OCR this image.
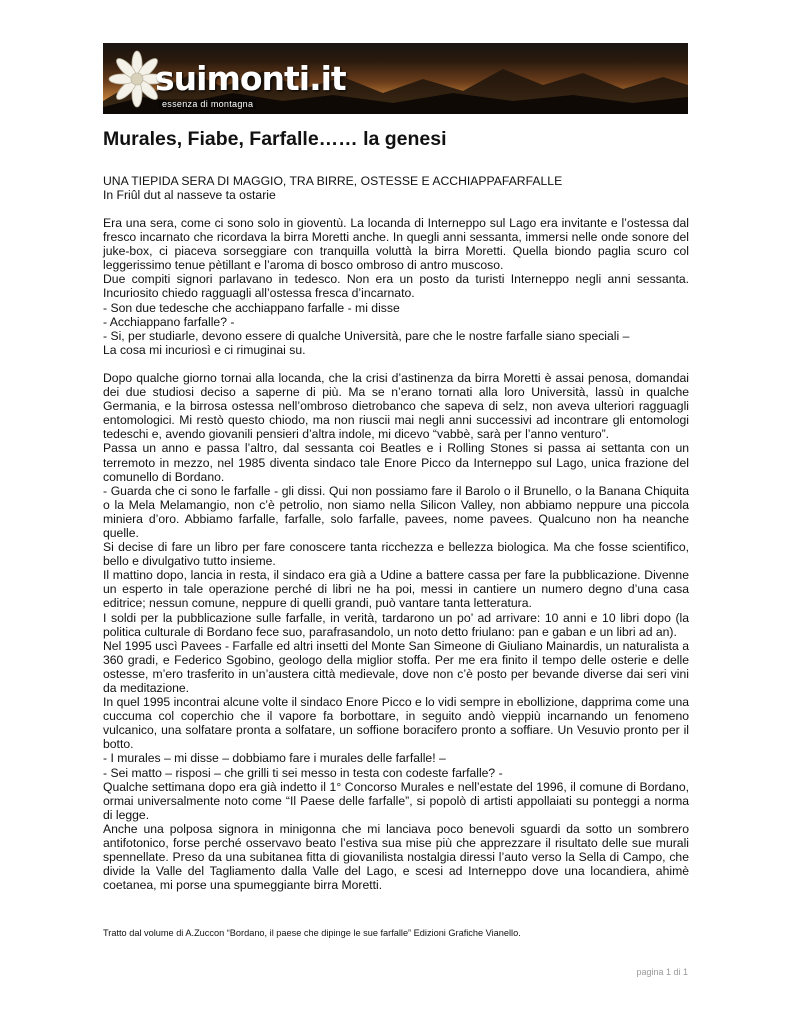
suimonti.it
essenza di montagna
Murales, Fiabe, Farfalle…… la genesi
UNA TIEPIDA SERA DI MAGGIO, TRA BIRRE, OSTESSE E ACCHIAPPAFARFALLE
In Friûl dut al nasseve ta ostarie

Era una sera, come ci sono solo in gioventù. La locanda di Interneppo sul Lago era invitante e l’ostessa dal fresco incarnato che ricordava la birra Moretti anche. In quegli anni sessanta, immersi nelle onde sonore del juke-box, ci piaceva sorseggiare con tranquilla voluttà la birra Moretti. Quella biondo paglia scuro col leggerissimo tenue pètillant e l’aroma di bosco ombroso di antro muscoso.

Due compiti signori parlavano in tedesco. Non era un posto da turisti Interneppo negli anni sessanta. Incuriosito chiedo ragguagli all’ostessa fresca d’incarnato.

- Son due tedesche che acchiappano farfalle - mi disse

- Acchiappano farfalle? -

- Si, per studiarle, devono essere di qualche Università, pare che le nostre farfalle siano speciali –

La cosa mi incuriosì e ci rimuginai su.

Dopo qualche giorno tornai alla locanda, che la crisi d’astinenza da birra Moretti è assai penosa, domandai dei due studiosi deciso a saperne di più. Ma se n’erano tornati alla loro Università, lassù in qualche Germania, e la birrosa ostessa nell’ombroso dietrobanco che sapeva di selz, non aveva ulteriori ragguagli entomologici. Mi restò questo chiodo, ma non riuscii mai negli anni successivi ad incontrare gli entomologi tedeschi e, avendo giovanili pensieri d’altra indole, mi dicevo “vabbè, sarà per l’anno venturo”.

Passa un anno e passa l’altro, dal sessanta coi Beatles e i Rolling Stones si passa ai settanta con un terremoto in mezzo, nel 1985 diventa sindaco tale Enore Picco da Interneppo sul Lago, unica frazione del comunello di Bordano.

- Guarda che ci sono le farfalle - gli dissi. Qui non possiamo fare il Barolo o il Brunello, o la Banana Chiquita o la Mela Melamangio, non c’è petrolio, non siamo nella Silicon Valley, non abbiamo neppure una piccola miniera d’oro. Abbiamo farfalle, farfalle, solo farfalle, pavees, nome pavees. Qualcuno non ha neanche quelle.

Si decise di fare un libro per fare conoscere tanta ricchezza e bellezza biologica. Ma che fosse scientifico, bello e divulgativo tutto insieme.

Il mattino dopo, lancia in resta, il sindaco era già a Udine a battere cassa per fare la pubblicazione. Divenne un esperto in tale operazione perché di libri ne ha poi, messi in cantiere un numero degno d’una casa editrice; nessun comune, neppure di quelli grandi, può vantare tanta letteratura.

I soldi per la pubblicazione sulle farfalle, in verità, tardarono un po’ ad arrivare: 10 anni e 10 libri dopo (la politica culturale di Bordano fece suo, parafrasandolo, un noto detto friulano: pan e gaban e un libri ad an).

Nel 1995 uscì Pavees - Farfalle ed altri insetti del Monte San Simeone di Giuliano Mainardis, un naturalista a 360 gradi, e Federico Sgobino, geologo della miglior stoffa. Per me era finito il tempo delle osterie e delle ostesse, m’ero trasferito in un’austera città medievale, dove non c’è posto per bevande diverse dai seri vini da meditazione.

In quel 1995 incontrai alcune volte il sindaco Enore Picco e lo vidi sempre in ebollizione, dapprima come una cuccuma col coperchio che il vapore fa borbottare, in seguito andò vieppiù incarnando un fenomeno vulcanico, una solfatare pronta a solfatare, un soffione boracifero pronto a soffiare. Un Vesuvio pronto per il botto.

- I murales – mi disse – dobbiamo fare i murales delle farfalle! –

- Sei matto – risposi – che grilli ti sei messo in testa con codeste farfalle? -

Qualche settimana dopo era già indetto il 1° Concorso Murales e nell’estate del 1996, il comune di Bordano, ormai universalmente noto come “Il Paese delle farfalle”, si popolò di artisti appollaiati su ponteggi a norma di legge.

Anche una polposa signora in minigonna che mi lanciava poco benevoli sguardi da sotto un sombrero antifotonico, forse perché osservavo beato l’estiva sua mise più che apprezzare il risultato delle sue murali spennellate. Preso da una subitanea fitta di giovanilista nostalgia diressi l’auto verso la Sella di Campo, che divide la Valle del Tagliamento dalla Valle del Lago, e scesi ad Interneppo dove una locandiera, ahimè coetanea, mi porse una spumeggiante birra Moretti.

Tratto dal volume di A.Zuccon “Bordano, il paese che dipinge le sue farfalle” Edizioni Grafiche Vianello.
pagina 1 di 1
